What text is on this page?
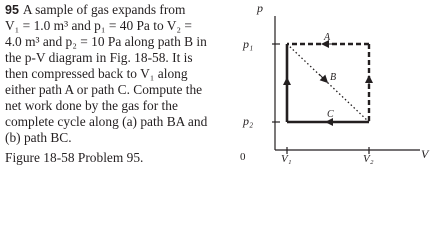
95 A sample of gas expands from
V₁ = 1.0 m³ and p₁ = 40 Pa to V₂ =
4.0 m³ and p₂ = 10 Pa along path B in
the p-V diagram in Fig. 18-58. It is
then compressed back to V₁ along
either path A or path C. Compute the
net work done by the gas for the
complete cycle along (a) path BA and
(b) path BC.
Figure 18-58 Problem 95.
p
V
0
p₁
p₂
V₁	V₂
A
B
C
